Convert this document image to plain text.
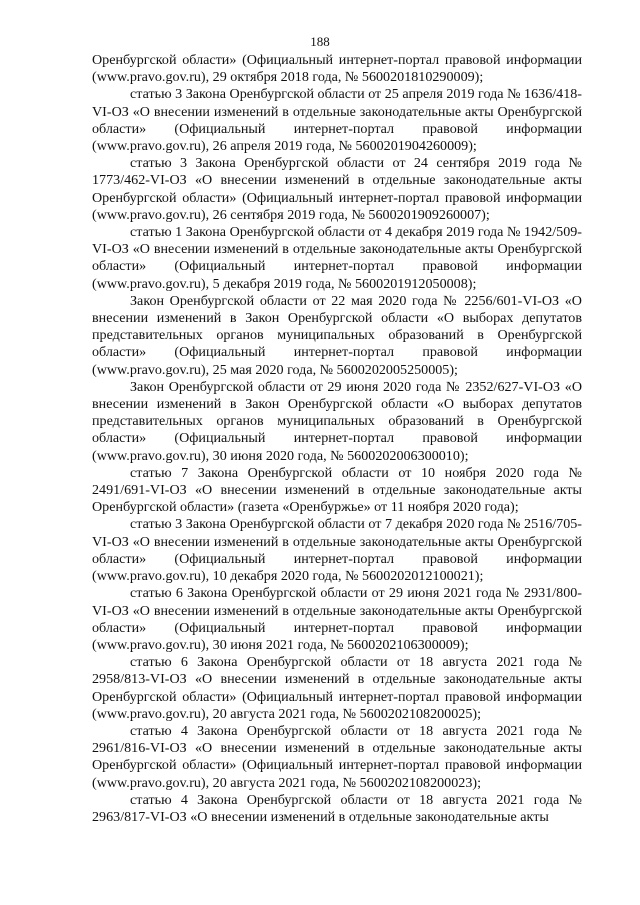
188

Оренбургской области» (Официальный интернет-портал правовой информации (www.pravo.gov.ru), 29 октября 2018 года, № 5600201810290009);

статью 3 Закона Оренбургской области от 25 апреля 2019 года № 1636/418-VI-ОЗ «О внесении изменений в отдельные законодательные акты Оренбургской области» (Официальный интернет-портал правовой информации (www.pravo.gov.ru), 26 апреля 2019 года, № 5600201904260009);

статью 3 Закона Оренбургской области от 24 сентября 2019 года № 1773/462-VI-ОЗ «О внесении изменений в отдельные законодательные акты Оренбургской области» (Официальный интернет-портал правовой информации (www.pravo.gov.ru), 26 сентября 2019 года, № 5600201909260007);

статью 1 Закона Оренбургской области от 4 декабря 2019 года № 1942/509-VI-ОЗ «О внесении изменений в отдельные законодательные акты Оренбургской области» (Официальный интернет-портал правовой информации (www.pravo.gov.ru), 5 декабря 2019 года, № 5600201912050008);

Закон Оренбургской области от 22 мая 2020 года № 2256/601-VI-ОЗ «О внесении изменений в Закон Оренбургской области «О выборах депутатов представительных органов муниципальных образований в Оренбургской области» (Официальный интернет-портал правовой информации (www.pravo.gov.ru), 25 мая 2020 года, № 5600202005250005);

Закон Оренбургской области от 29 июня 2020 года № 2352/627-VI-ОЗ «О внесении изменений в Закон Оренбургской области «О выборах депутатов представительных органов муниципальных образований в Оренбургской области» (Официальный интернет-портал правовой информации (www.pravo.gov.ru), 30 июня 2020 года, № 5600202006300010);

статью 7 Закона Оренбургской области от 10 ноября 2020 года № 2491/691-VI-ОЗ «О внесении изменений в отдельные законодательные акты Оренбургской области» (газета «Оренбуржье» от 11 ноября 2020 года);

статью 3 Закона Оренбургской области от 7 декабря 2020 года № 2516/705-VI-ОЗ «О внесении изменений в отдельные законодательные акты Оренбургской области» (Официальный интернет-портал правовой информации (www.pravo.gov.ru), 10 декабря 2020 года, № 5600202012100021);

статью 6 Закона Оренбургской области от 29 июня 2021 года № 2931/800-VI-ОЗ «О внесении изменений в отдельные законодательные акты Оренбургской области» (Официальный интернет-портал правовой информации (www.pravo.gov.ru), 30 июня 2021 года, № 5600202106300009);

статью 6 Закона Оренбургской области от 18 августа 2021 года № 2958/813-VI-ОЗ «О внесении изменений в отдельные законодательные акты Оренбургской области» (Официальный интернет-портал правовой информации (www.pravo.gov.ru), 20 августа 2021 года, № 5600202108200025);

статью 4 Закона Оренбургской области от 18 августа 2021 года № 2961/816-VI-ОЗ «О внесении изменений в отдельные законодательные акты Оренбургской области» (Официальный интернет-портал правовой информации (www.pravo.gov.ru), 20 августа 2021 года, № 5600202108200023);

статью 4 Закона Оренбургской области от 18 августа 2021 года № 2963/817-VI-ОЗ «О внесении изменений в отдельные законодательные акты
